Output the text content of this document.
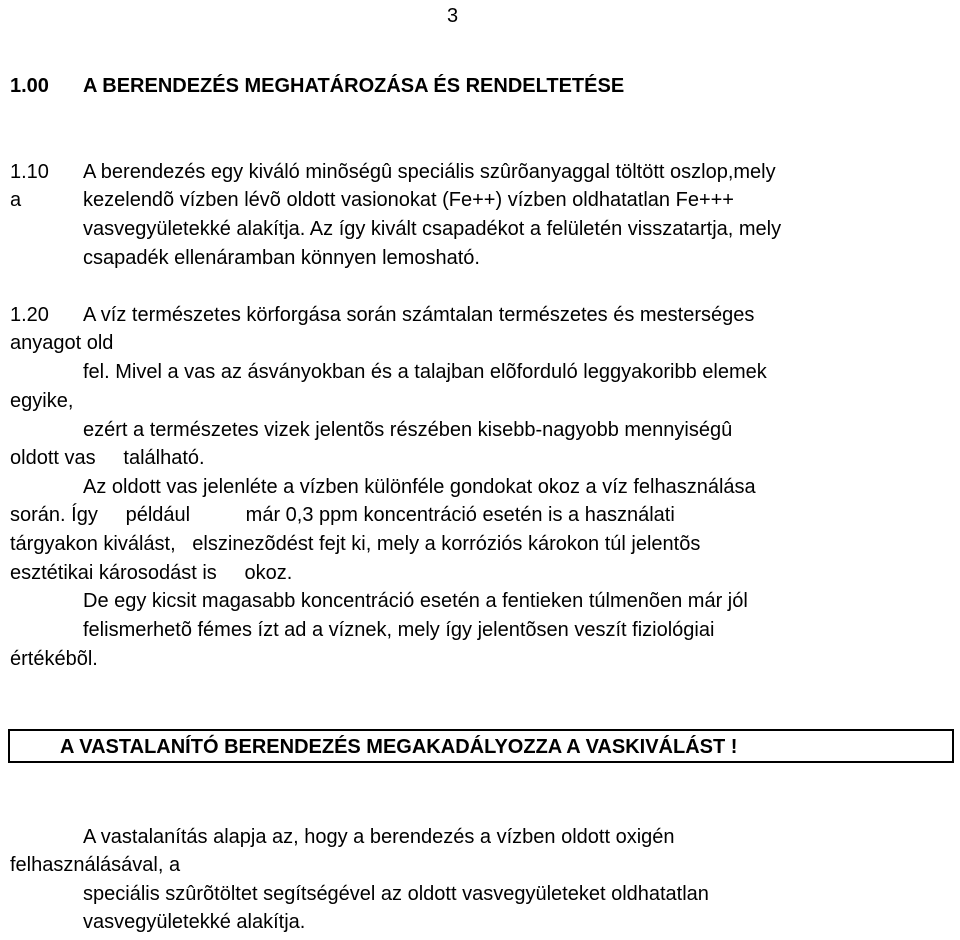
3
1.00 A BERENDEZÉS MEGHATÁROZÁSA ÉS RENDELTETÉSE
1.10
a
A berendezés egy kiváló minõségû speciális szûrõanyaggal töltött oszlop,mely
kezelendõ vízben lévõ oldott vasionokat (Fe++) vízben oldhatatlan Fe+++
vasvegyületekké alakítja. Az így kivált csapadékot a felületén visszatartja, mely
csapadék ellenáramban könnyen lemosható.
1.20 A víz természetes körforgása során számtalan természetes és mesterséges
anyagot old
fel. Mivel a vas az ásványokban és a talajban elõforduló leggyakoribb elemek
egyike,
ezért a természetes vizek jelentõs részében kisebb-nagyobb mennyiségû
oldott vas     található.
Az oldott vas jelenléte a vízben különféle gondokat okoz a víz felhasználása
során. Így     például          már 0,3 ppm koncentráció esetén is a használati
tárgyakon kiválást,   elszinezõdést fejt ki, mely a korróziós károkon túl jelentõs
esztétikai károsodást is     okoz.
De egy kicsit magasabb koncentráció esetén a fentieken túlmenõen már jól
felismerhetõ fémes ízt ad a víznek, mely így jelentõsen veszít fiziológiai
értékébõl.
A VASTALANÍTÓ BERENDEZÉS MEGAKADÁLYOZZA A VASKIVÁLÁST !
A vastalanítás alapja az, hogy a berendezés a vízben oldott oxigén
felhasználásával, a
speciális szûrõtöltet segítségével az oldott vasvegyületeket oldhatatlan
vasvegyületekké alakítja.
